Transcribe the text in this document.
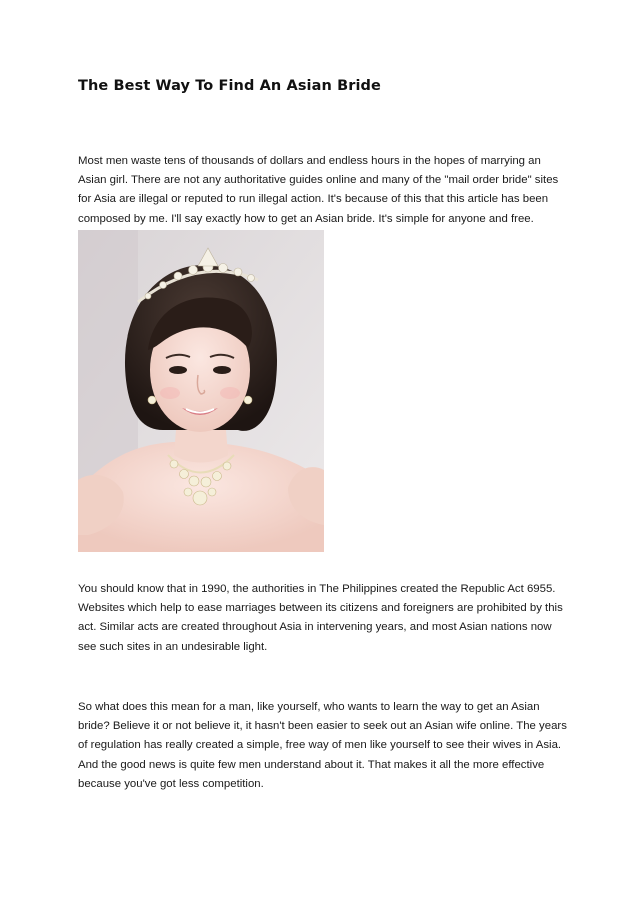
The Best Way To Find An Asian Bride

Most men waste tens of thousands of dollars and endless hours in the hopes of marrying an Asian girl. There are not any authoritative guides online and many of the "mail order bride" sites for Asia are illegal or reputed to run illegal action. It's because of this that this article has been composed by me. I'll say exactly how to get an Asian bride. It's simple for anyone and free.

You should know that in 1990, the authorities in The Philippines created the Republic Act 6955. Websites which help to ease marriages between its citizens and foreigners are prohibited by this act. Similar acts are created throughout Asia in intervening years, and most Asian nations now see such sites in an undesirable light.

So what does this mean for a man, like yourself, who wants to learn the way to get an Asian bride? Believe it or not believe it, it hasn't been easier to seek out an Asian wife online. The years of regulation has really created a simple, free way of men like yourself to see their wives in Asia. And the good news is quite few men understand about it. That makes it all the more effective because you've got less competition.
